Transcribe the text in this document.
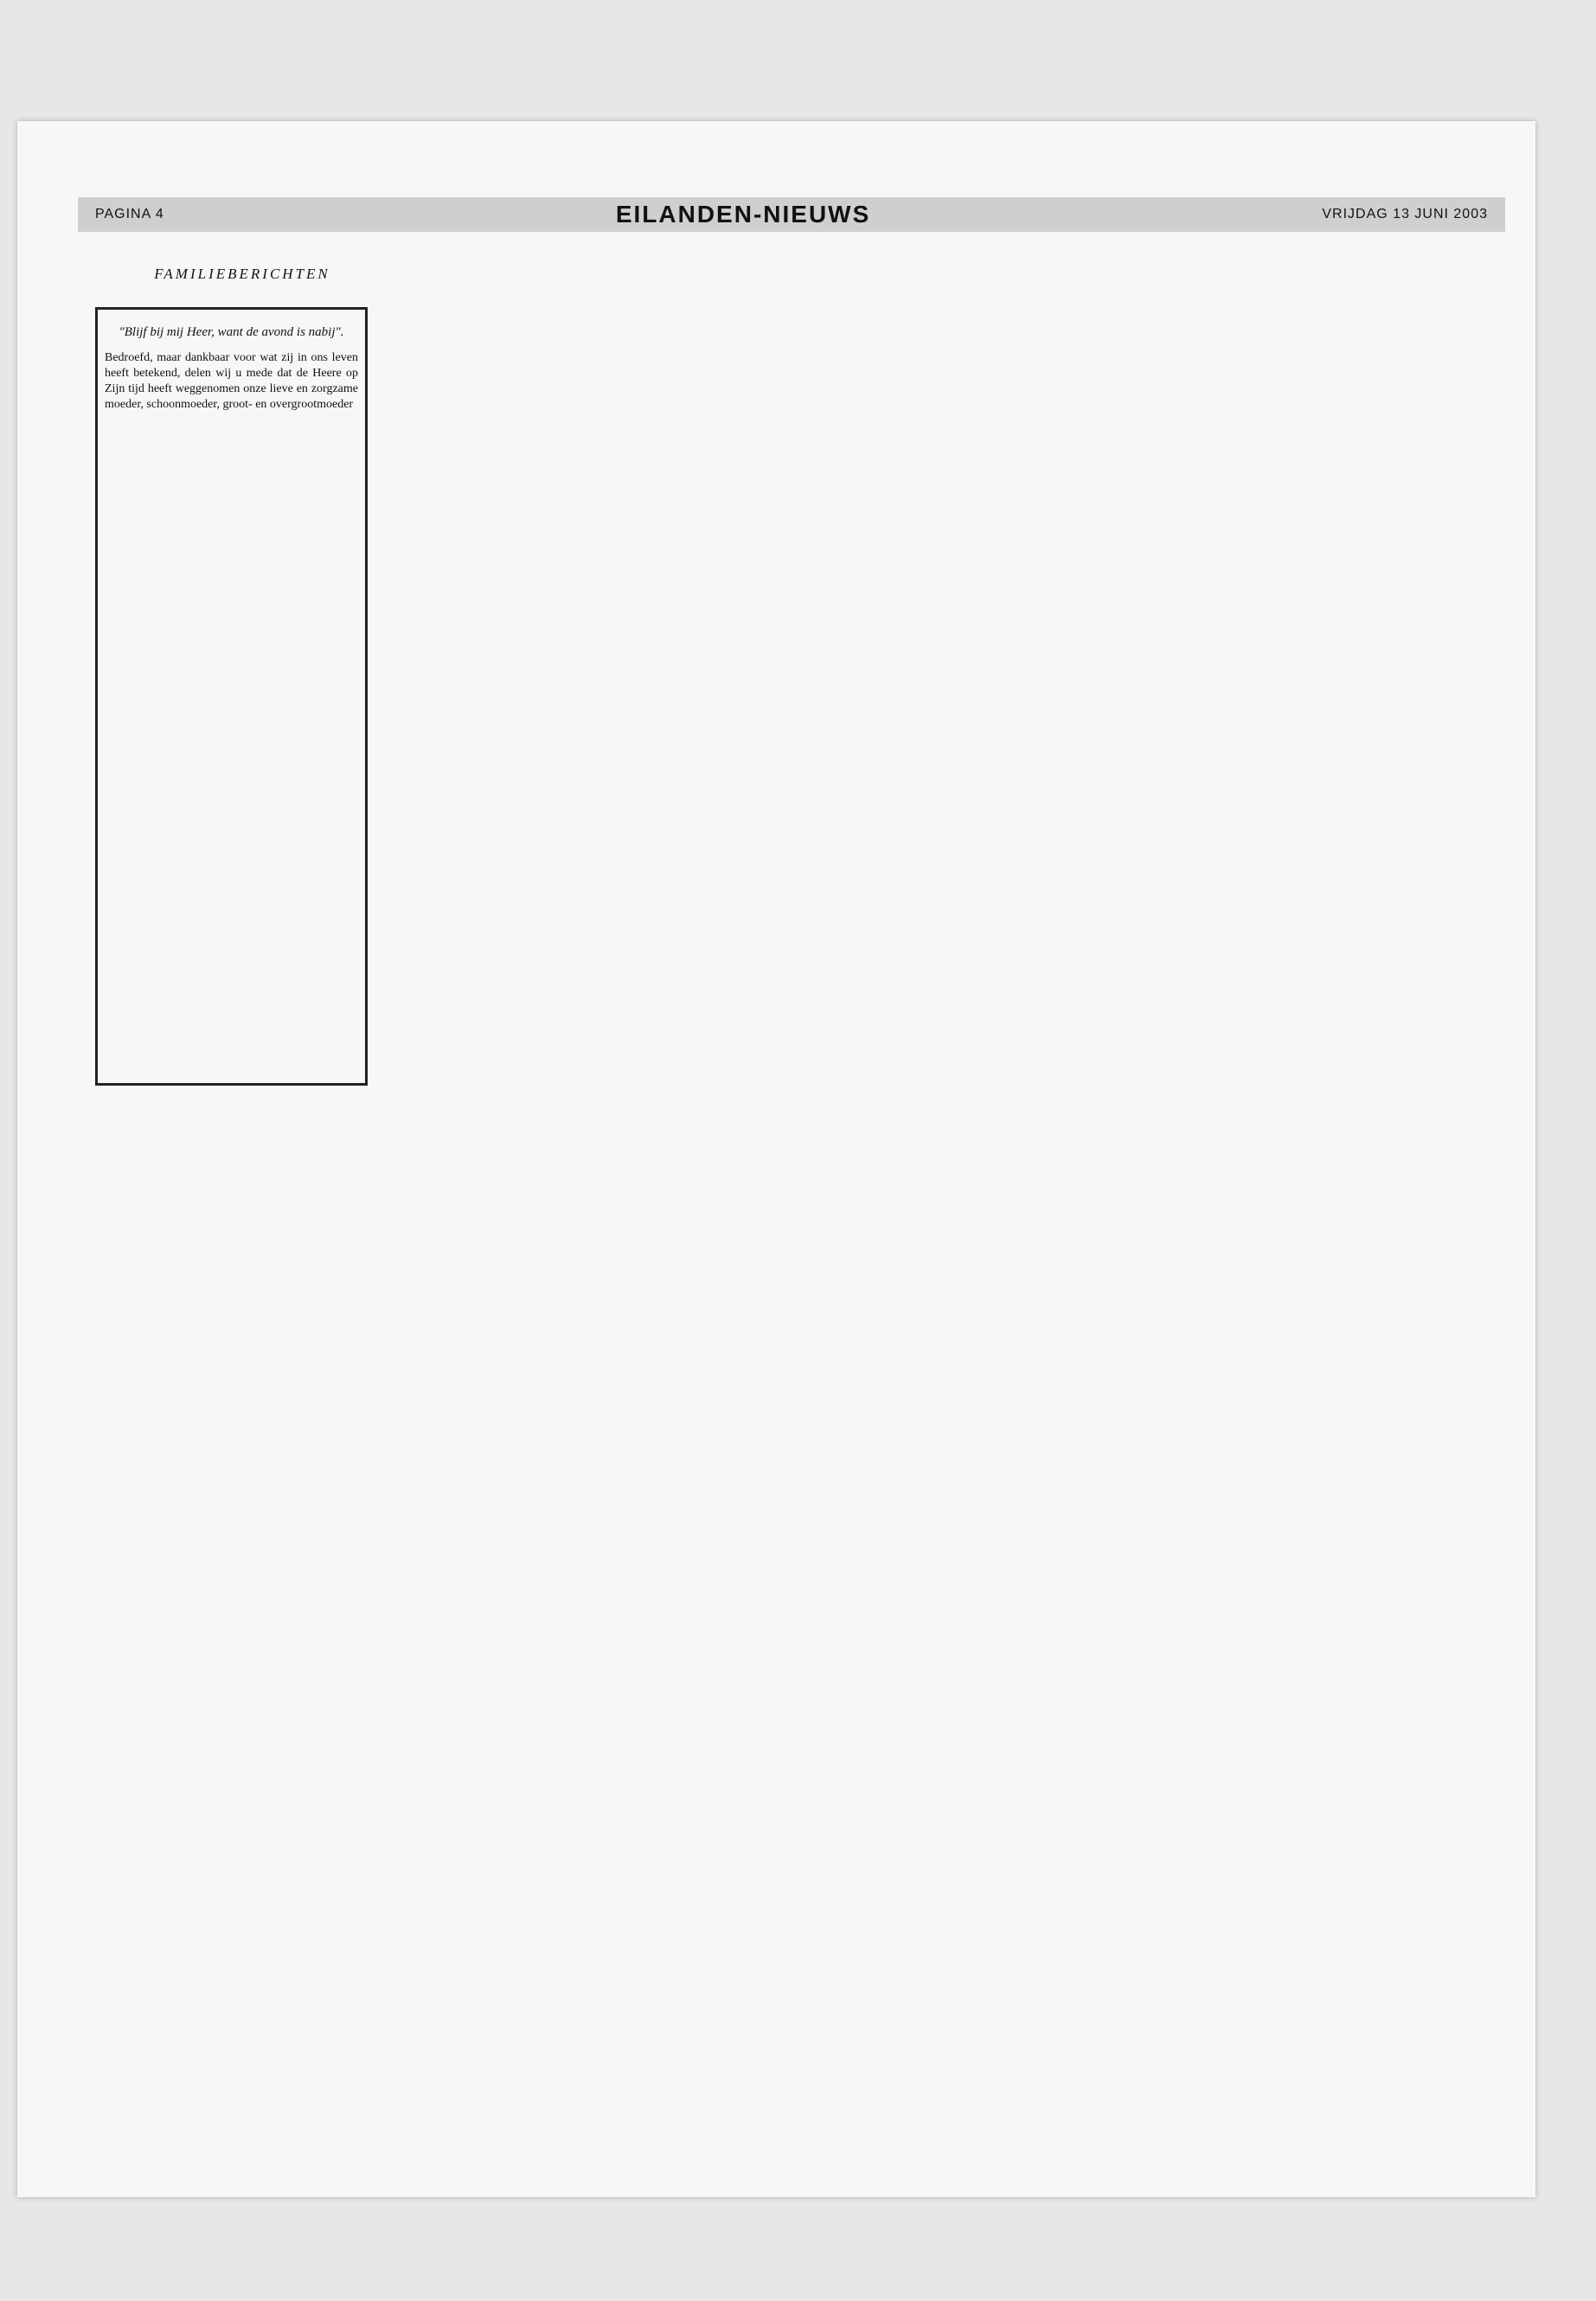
PAGINA 4	EILANDEN-NIEUWS	VRIJDAG 13 JUNI 2003
FAMILIEBERICHTEN
"Blijf bij mij Heer, want de avond is nabij".
Bedroefd, maar dankbaar voor wat zij in ons leven heeft betekend, delen wij u mede dat de Heere op Zijn tijd heeft weggenomen onze lieve en zorgzame moeder, schoonmoeder, groot- en overgrootmoeder
